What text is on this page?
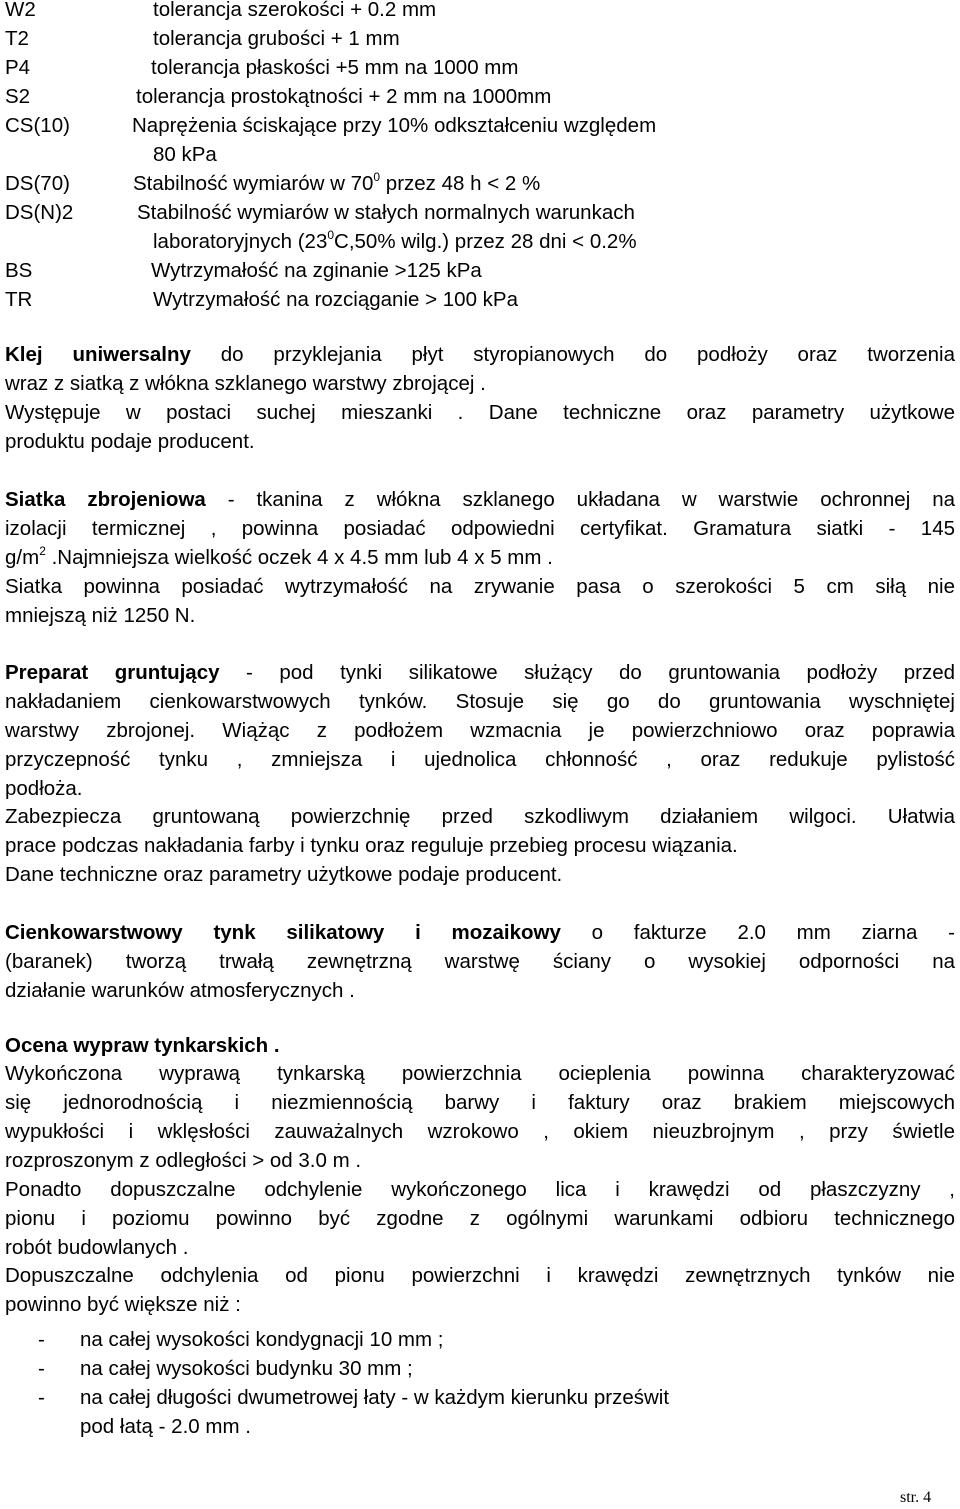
W2	tolerancja szerokości + 0.2 mm
T2	tolerancja grubości + 1 mm
P4	tolerancja płaskości +5 mm na 1000 mm
S2	tolerancja prostokątności + 2 mm na 1000mm
CS(10)	Naprężenia ściskające przy 10% odkształceniu względem
80 kPa
DS(70)	Stabilność wymiarów w $70^0$ przez 48 h < 2 %
DS(N)2	Stabilność wymiarów w stałych normalnych warunkach
laboratoryjnych ($23^0C,50\%$ wilg.) przez 28 dni < 0.2%
BS	Wytrzymałość na zginanie >125 kPa
TR	Wytrzymałość na rozciąganie > 100 kPa
Klej uniwersalny do przyklejania płyt styropianowych do podłoży oraz tworzenia
wraz z siatką z włókna szklanego warstwy zbrojącej .
Występuje w postaci suchej mieszanki . Dane techniczne oraz parametry użytkowe
produktu podaje producent.
Siatka zbrojeniowa - tkanina z włókna szklanego układana w warstwie ochronnej na
izolacji termicznej , powinna posiadać odpowiedni certyfikat. Gramatura siatki - 145
$g/m^2$ .Najmniejsza wielkość oczek 4 x 4.5 mm lub 4 x 5 mm .
Siatka powinna posiadać wytrzymałość na zrywanie pasa o szerokości 5 cm siłą nie
mniejszą niż 1250 N.
Preparat gruntujący - pod tynki silikatowe służący do gruntowania podłoży przed
nakładaniem cienkowarstwowych tynków. Stosuje się go do gruntowania wyschniętej
warstwy zbrojonej. Wiążąc z podłożem wzmacnia je powierzchniowo oraz poprawia
przyczepność tynku , zmniejsza i ujednolica chłonność , oraz redukuje pylistość
podłoża.
Zabezpiecza gruntowaną powierzchnię przed szkodliwym działaniem wilgoci. Ułatwia
prace podczas nakładania farby i tynku oraz reguluje przebieg procesu wiązania.
Dane techniczne oraz parametry użytkowe podaje producent.
Cienkowarstwowy tynk silikatowy i mozaikowy o fakturze 2.0 mm ziarna -
(baranek) tworzą trwałą zewnętrzną warstwę ściany o wysokiej odporności na
działanie warunków atmosferycznych .
Ocena wypraw tynkarskich .
Wykończona wyprawą tynkarską powierzchnia ocieplenia powinna charakteryzować
się jednorodnością i niezmiennością barwy i faktury oraz brakiem miejscowych
wypukłości i wklęsłości zauważalnych wzrokowo , okiem nieuzbrojnym , przy świetle
rozproszonym z odległości > od 3.0 m .
Ponadto dopuszczalne odchylenie wykończonego lica i krawędzi od płaszczyzny ,
pionu i poziomu powinno być zgodne z ogólnymi warunkami odbioru technicznego
robót budowlanych .
Dopuszczalne odchylenia od pionu powierzchni i krawędzi zewnętrznych tynków nie
powinno być większe niż :
- na całej wysokości kondygnacji 10 mm ;
- na całej wysokości budynku 30 mm ;
- na całej długości dwumetrowej łaty - w każdym kierunku prześwit
pod łatą - 2.0 mm .
str. 4
